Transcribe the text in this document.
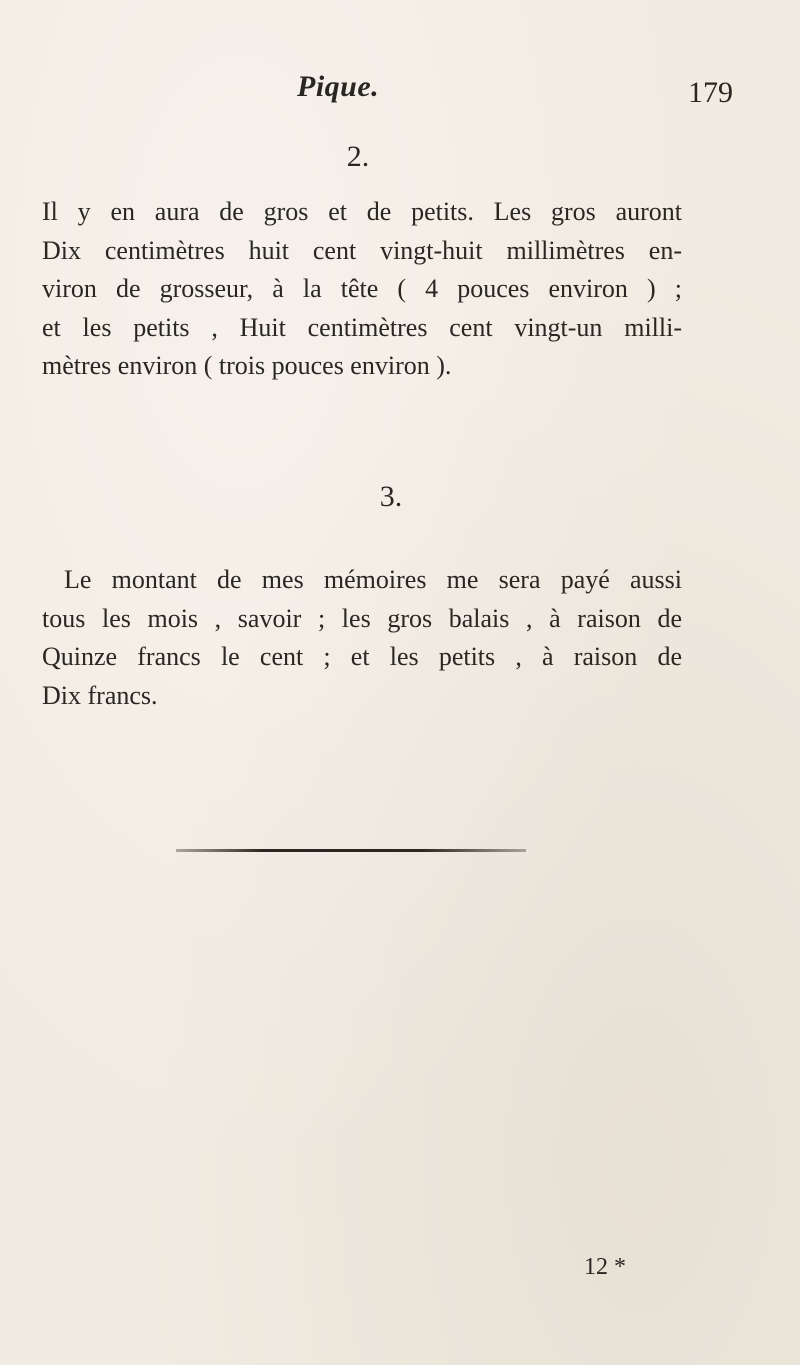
Pique.	179
2.
Il y en aura de gros et de petits. Les gros auront
Dix centimètres huit cent vingt-huit millimètres en-
viron de grosseur, à la tête ( 4 pouces environ ) ;
et les petits , Huit centimètres cent vingt-un milli-
mètres environ ( trois pouces environ ).
3.
Le montant de mes mémoires me sera payé aussi
tous les mois , savoir ; les gros balais , à raison de
Quinze francs le cent ; et les petits , à raison de
Dix francs.
12 *
